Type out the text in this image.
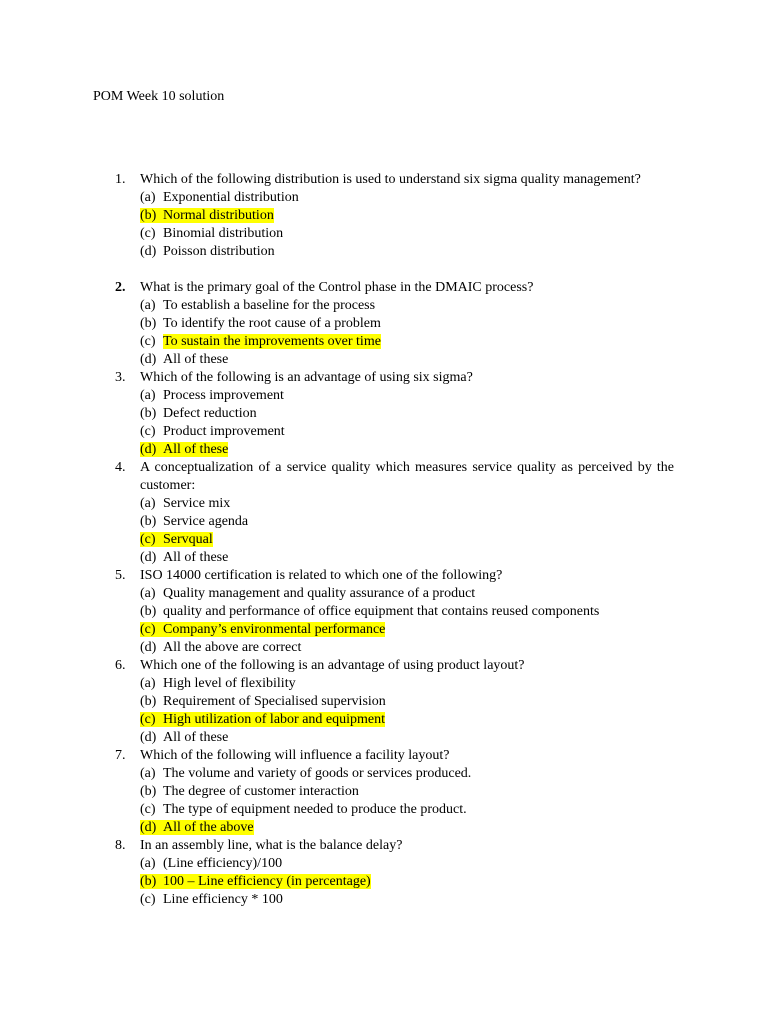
POM Week 10 solution
1. Which of the following distribution is used to understand six sigma quality management?
(a) Exponential distribution
(b) Normal distribution
(c) Binomial distribution
(d) Poisson distribution
2. What is the primary goal of the Control phase in the DMAIC process?
(a) To establish a baseline for the process
(b) To identify the root cause of a problem
(c) To sustain the improvements over time
(d) All of these
3. Which of the following is an advantage of using six sigma?
(a) Process improvement
(b) Defect reduction
(c) Product improvement
(d) All of these
4. A conceptualization of a service quality which measures service quality as perceived by the customer:
(a) Service mix
(b) Service agenda
(c) Servqual
(d) All of these
5. ISO 14000 certification is related to which one of the following?
(a) Quality management and quality assurance of a product
(b) quality and performance of office equipment that contains reused components
(c) Company’s environmental performance
(d) All the above are correct
6. Which one of the following is an advantage of using product layout?
(a) High level of flexibility
(b) Requirement of Specialised supervision
(c) High utilization of labor and equipment
(d) All of these
7. Which of the following will influence a facility layout?
(a) The volume and variety of goods or services produced.
(b) The degree of customer interaction
(c) The type of equipment needed to produce the product.
(d) All of the above
8. In an assembly line, what is the balance delay?
(a) (Line efficiency)/100
(b) 100 – Line efficiency (in percentage)
(c) Line efficiency * 100
